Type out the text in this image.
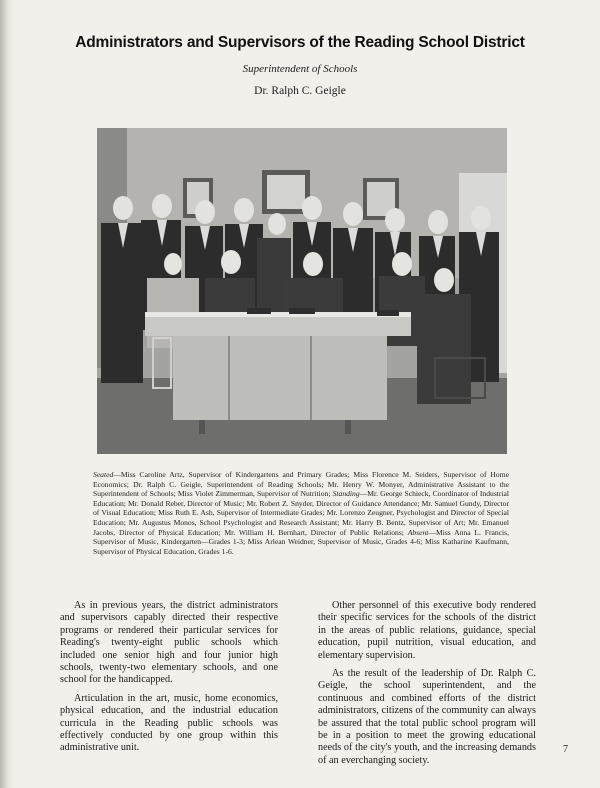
Administrators and Supervisors of the Reading School District
Superintendent of Schools
Dr. Ralph C. Geigle
Seated—Miss Caroline Artz, Supervisor of Kindergartens and Primary Grades; Miss Florence M. Seiders, Supervisor of Home Economics; Dr. Ralph C. Geigle, Superintendent of Reading Schools; Mr. Henry W. Monyer, Administrative Assistant to the Superintendent of Schools; Miss Violet Zimmerman, Supervisor of Nutrition; Standing—Mr. George Schieck, Coordinator of Industrial Education; Mr. Donald Reber, Director of Music; Mr. Robert Z. Snyder, Director of Guidance Attendance; Mr. Samuel Gundy, Director of Visual Education; Miss Ruth E. Ash, Supervisor of Intermediate Grades; Mr. Lorenzo Zeugner, Psychologist and Director of Special Education; Mr. Augustus Monos, School Psychologist and Research Assistant; Mr. Harry B. Bentz, Supervisor of Art; Mr. Emanuel Jacobs, Director of Physical Education; Mr. William H. Bernhart, Director of Public Relations; Absent—Miss Anna L. Francis, Supervisor of Music, Kindergarten—Grades 1-3; Miss Arlean Weidner, Supervisor of Music, Grades 4-6; Miss Katharine Kaufmann, Supervisor of Physical Education, Grades 1-6.

As in previous years, the district administrators and supervisors capably directed their respective programs or rendered their particular services for Reading's twenty-eight public schools which included one senior high and four junior high schools, twenty-two elementary schools, and one school for the handicapped.

Articulation in the art, music, home economics, physical education, and the industrial education curricula in the Reading public schools was effectively conducted by one group within this administrative unit.

Other personnel of this executive body rendered their specific services for the schools of the district in the areas of public relations, guidance, special education, pupil nutrition, visual education, and elementary supervision.

As the result of the leadership of Dr. Ralph C. Geigle, the school superintendent, and the continuous and combined efforts of the district administrators, citizens of the community can always be assured that the total public school program will be in a position to meet the growing educational needs of the city's youth, and the increasing demands of an everchanging society.

7
